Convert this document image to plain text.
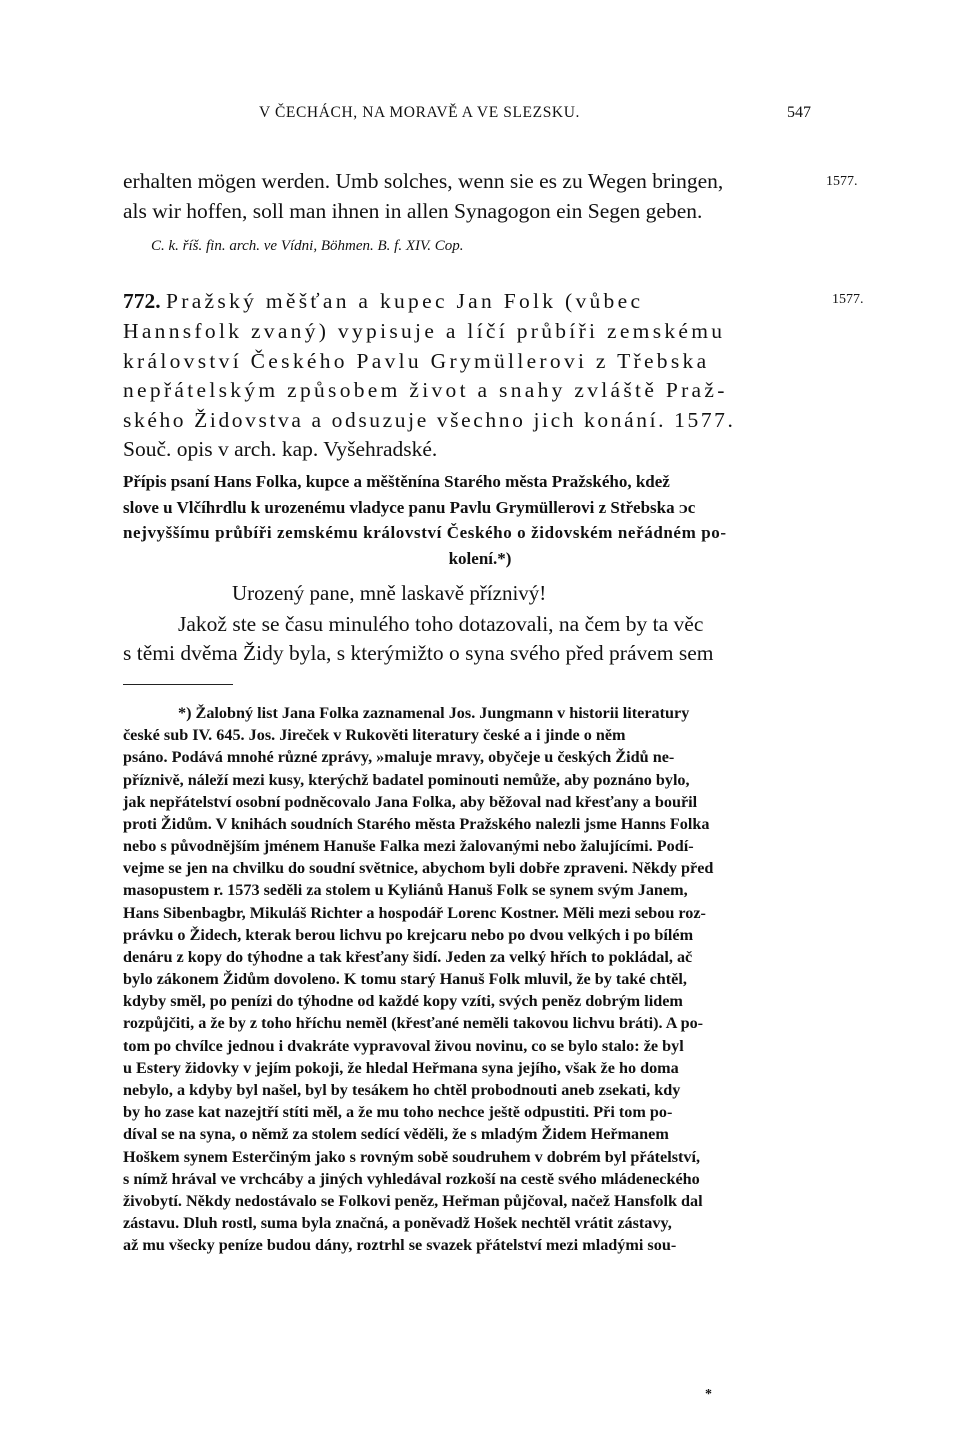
V ČECHÁCH, NA MORAVĚ A VE SLEZSKU.	547
erhalten mögen werden. Umb solches, wenn sie es zu Wegen bringen,	1577.
als wir hoffen, soll man ihnen in allen Synagogon ein Segen geben.
C. k. říš. fin. arch. ve Vídni, Böhmen. B. f. XIV. Cop.
772. Pražský měšťan a kupec Jan Folk (vůbec	1577.
Hannsfolk zvaný) vypisuje a líčí průbíři zemskému
království Českého Pavlu Grymüllerovi z Třebska
nepřátelským způsobem život a snahy zvláště Praž-
ského Židovstva a odsuzuje všechno jich konání. 1577.
Souč. opis v arch. kap. Vyšehradské.
Přípis psaní Hans Folka, kupce a měštěnína Starého města Pražského, kdež
slove u Vlčíhrdlu k urozenému vladyce panu Pavlu Grymüllerovi z Střebska ᴐc
nejvyššímu průbíři zemskému království Českého o židovském neřádném po-
kolení.*)
Urozený pane, mně laskavě příznivý!
Jakož ste se času minulého toho dotazovali, na čem by ta věc
s těmi dvěma Židy byla, s kterýmižto o syna svého před právem sem
*) Žalobný list Jana Folka zaznamenal Jos. Jungmann v historii literatury
české sub IV. 645. Jos. Jireček v Rukověti literatury české a i jinde o něm
psáno. Podává mnohé různé zprávy, »maluje mravy, obyčeje u českých Židů ne-
příznivě, náleží mezi kusy, kterýchž badatel pominouti nemůže, aby poznáno bylo,
jak nepřátelství osobní podněcovalo Jana Folka, aby běžoval nad křesťany a bouřil
proti Židům. V knihách soudních Starého města Pražského nalezli jsme Hanns Folka
nebo s původnějším jménem Hanuše Falka mezi žalovanými nebo žalujícími. Podí-
vejme se jen na chvilku do soudní světnice, abychom byli dobře zpraveni. Někdy před
masopustem r. 1573 seděli za stolem u Kyliánů Hanuš Folk se synem svým Janem,
Hans Sibenbagbr, Mikuláš Richter a hospodář Lorenc Kostner. Měli mezi sebou roz-
právku o Židech, kterak berou lichvu po krejcaru nebo po dvou velkých i po bílém
denáru z kopy do týhodne a tak křesťany šidí. Jeden za velký hřích to pokládal, ač
bylo zákonem Židům dovoleno. K tomu starý Hanuš Folk mluvil, že by také chtěl,
kdyby směl, po penízi do týhodne od každé kopy vzíti, svých peněz dobrým lidem
rozpůjčiti, a že by z toho hříchu neměl (křesťané neměli takovou lichvu bráti). A po-
tom po chvílce jednou i dvakráte vypravoval živou novinu, co se bylo stalo: že byl
u Estery židovky v jejím pokoji, že hledal Heřmana syna jejího, však že ho doma
nebylo, a kdyby byl našel, byl by tesákem ho chtěl probodnouti aneb zsekati, kdy
by ho zase kat nazejtří stíti měl, a že mu toho nechce ještě odpustiti. Při tom po-
díval se na syna, o němž za stolem sedící věděli, že s mladým Židem Heřmanem
Hoškem synem Esterčiným jako s rovným sobě soudruhem v dobrém byl přátelství,
s nímž hrával ve vrchcáby a jiných vyhledával rozkoší na cestě svého mládeneckého
živobytí. Někdy nedostávalo se Folkovi peněz, Heřman půjčoval, načež Hansfolk dal
zástavu. Dluh rostl, suma byla značná, a poněvadž Hošek nechtěl vrátit zástavy,
až mu všecky peníze budou dány, roztrhl se svazek přátelství mezi mladými sou-
*
